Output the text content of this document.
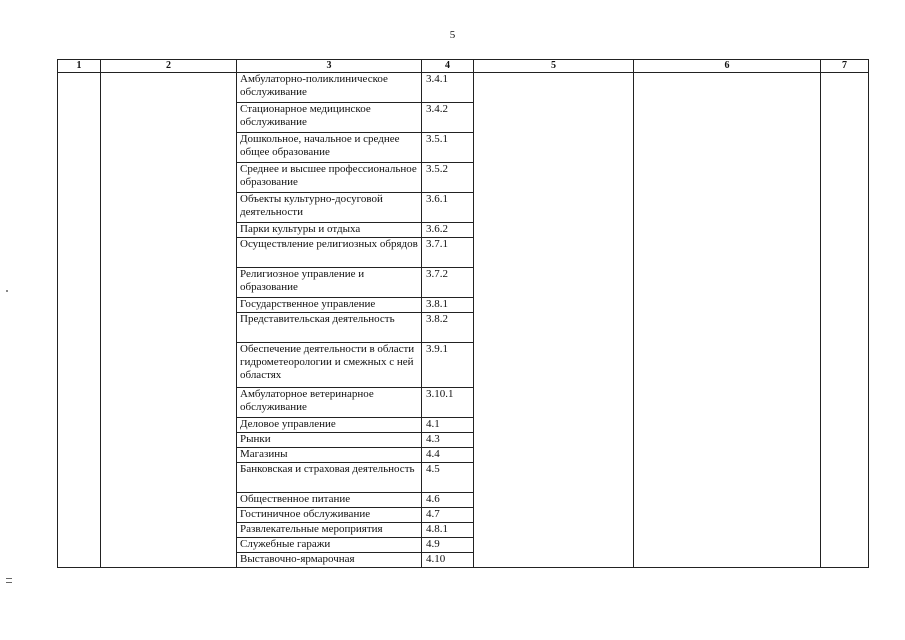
5
1	2	3	4	5	6	7
		Амбулаторно-поликлиническое обслуживание	3.4.1			
		Стационарное медицинское обслуживание	3.4.2			
		Дошкольное, начальное и среднее общее образование	3.5.1			
		Среднее и высшее профессиональное образование	3.5.2			
		Объекты культурно-досуговой деятельности	3.6.1			
		Парки культуры и отдыха	3.6.2			
		Осуществление религиозных обрядов	3.7.1			
		Религиозное управление и образование	3.7.2			
		Государственное управление	3.8.1			
		Представительская деятельность	3.8.2			
		Обеспечение деятельности в области гидрометеорологии и смежных с ней областях	3.9.1			
		Амбулаторное ветеринарное обслуживание	3.10.1			
		Деловое управление	4.1			
		Рынки	4.3			
		Магазины	4.4			
		Банковская и страховая деятельность	4.5			
		Общественное питание	4.6			
		Гостиничное обслуживание	4.7			
		Развлекательные мероприятия	4.8.1			
		Служебные гаражи	4.9			
		Выставочно-ярмарочная	4.10			
